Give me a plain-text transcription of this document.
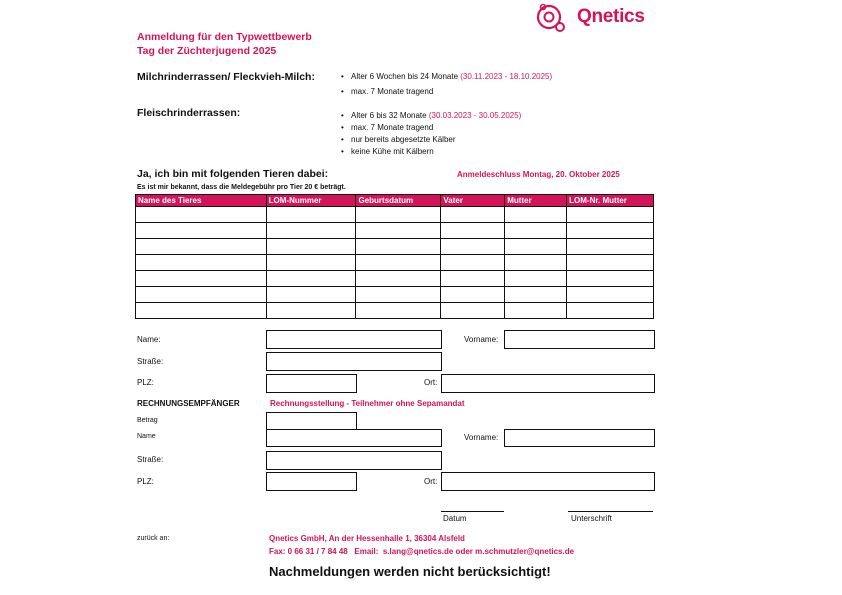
Qnetics
Anmeldung für den Typwettbewerb
Tag der Züchterjugend 2025
Milchrinderrassen/ Fleckvieh-Milch:	• Alter 6 Wochen bis 24 Monate (30.11.2023 - 18.10.2025)
• max. 7 Monate tragend
Fleischrinderrassen:	• Alter 6 bis 32 Monate (30.03.2023 - 30.05.2025)
• max. 7 Monate tragend
• nur bereits abgesetzte Kälber
• keine Kühe mit Kälbern
Ja, ich bin mit folgenden Tieren dabei:	Anmeldeschluss Montag, 20. Oktober 2025
Es ist mir bekannt, dass die Meldegebühr pro Tier 20 € beträgt.
Name des Tieres	LOM-Nummer	Geburtsdatum	Vater	Mutter	LOM-Nr. Mutter

Name:	Vorname:
Straße:
PLZ:	Ort:
RECHNUNGSEMPFÄNGER	Rechnungsstellung - Teilnehmer ohne Sepamandat
Betrag
Name	Vorname:
Straße:
PLZ:	Ort:
Datum	Unterschrift
zurück an:	Qnetics GmbH, An der Hessenhalle 1, 36304 Alsfeld
Fax: 0 66 31 / 7 84 48   Email:  s.lang@qnetics.de oder m.schmutzler@qnetics.de
Nachmeldungen werden nicht berücksichtigt!
